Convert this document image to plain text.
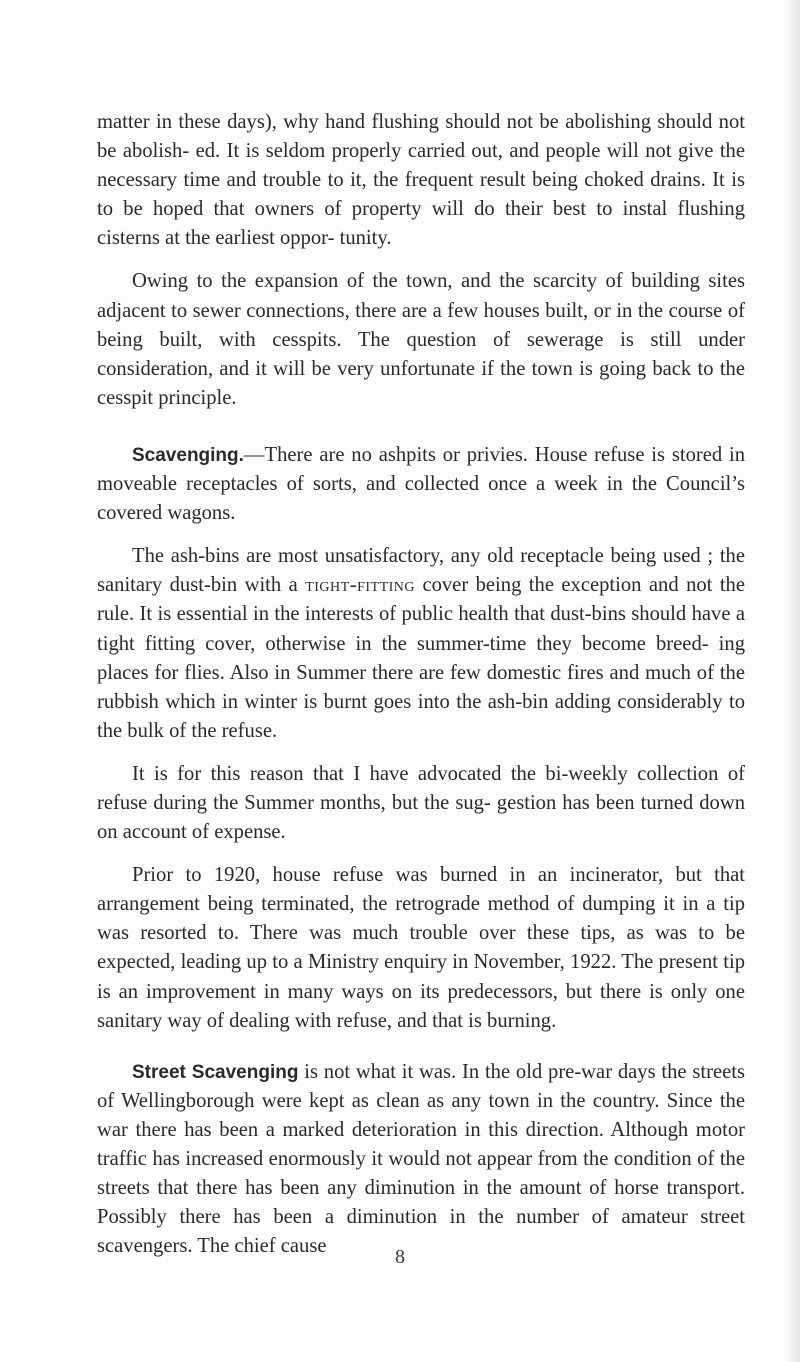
matter in these days), why hand flushing should not be abolishing should not be abolish- ed. It is seldom properly carried out, and people will not give the necessary time and trouble to it, the frequent result being choked drains. It is to be hoped that owners of property will do their best to instal flushing cisterns at the earliest oppor- tunity.

Owing to the expansion of the town, and the scarcity of building sites adjacent to sewer connections, there are a few houses built, or in the course of being built, with cesspits. The question of sewerage is still under consideration, and it will be very unfortunate if the town is going back to the cesspit principle.

Scavenging.—There are no ashpits or privies. House refuse is stored in moveable receptacles of sorts, and collected once a week in the Council’s covered wagons.

The ash-bins are most unsatisfactory, any old receptacle being used ; the sanitary dust-bin with a tight-fitting cover being the exception and not the rule. It is essential in the interests of public health that dust-bins should have a tight fitting cover, otherwise in the summer-time they become breed- ing places for flies. Also in Summer there are few domestic fires and much of the rubbish which in winter is burnt goes into the ash-bin adding considerably to the bulk of the refuse.

It is for this reason that I have advocated the bi-weekly collection of refuse during the Summer months, but the sug- gestion has been turned down on account of expense.

Prior to 1920, house refuse was burned in an incinerator, but that arrangement being terminated, the retrograde method of dumping it in a tip was resorted to. There was much trouble over these tips, as was to be expected, leading up to a Ministry enquiry in November, 1922. The present tip is an improvement in many ways on its predecessors, but there is only one sanitary way of dealing with refuse, and that is burning.

Street Scavenging is not what it was. In the old pre-war days the streets of Wellingborough were kept as clean as any town in the country. Since the war there has been a marked deterioration in this direction. Although motor traffic has increased enormously it would not appear from the condition of the streets that there has been any diminution in the amount of horse transport. Possibly there has been a diminution in the number of amateur street scavengers. The chief cause	8
